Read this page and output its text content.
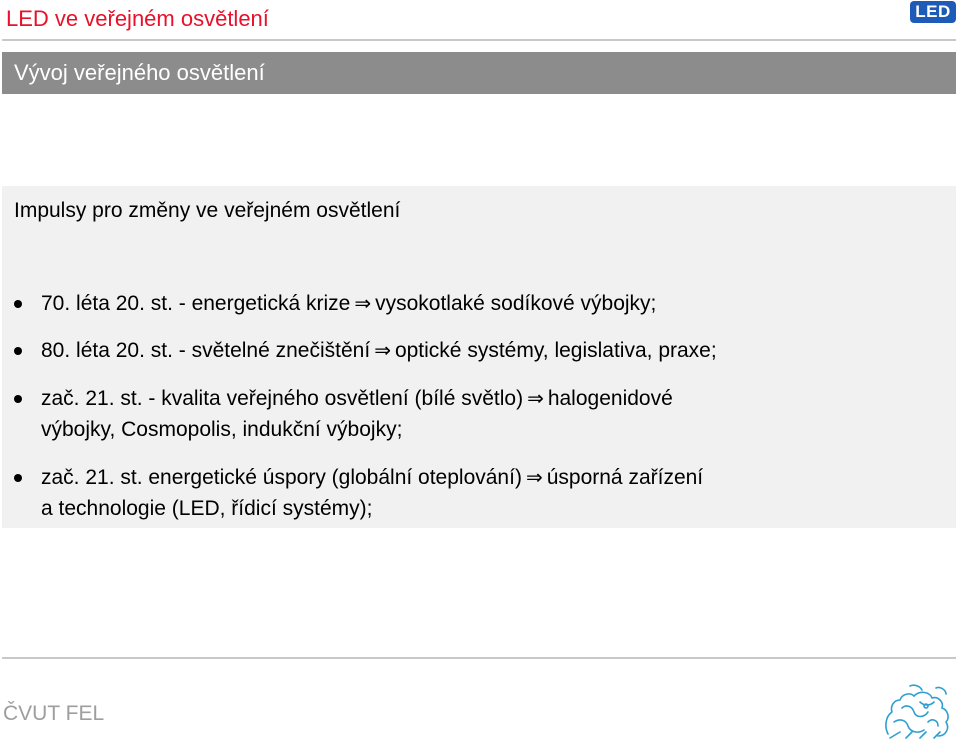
LED ve veřejném osvětlení	LED
Vývoj veřejného osvětlení
Impulsy pro změny ve veřejném osvětlení
70. léta 20. st. - energetická krize ⇒ vysokotlaké sodíkové výbojky;
80. léta 20. st. - světelné znečištění ⇒ optické systémy, legislativa, praxe;
zač. 21. st. - kvalita veřejného osvětlení (bílé světlo) ⇒ halogenidové
výbojky, Cosmopolis, indukční výbojky;
zač. 21. st. energetické úspory (globální oteplování) ⇒ úsporná zařízení
a technologie (LED, řídicí systémy);
ČVUT FEL
